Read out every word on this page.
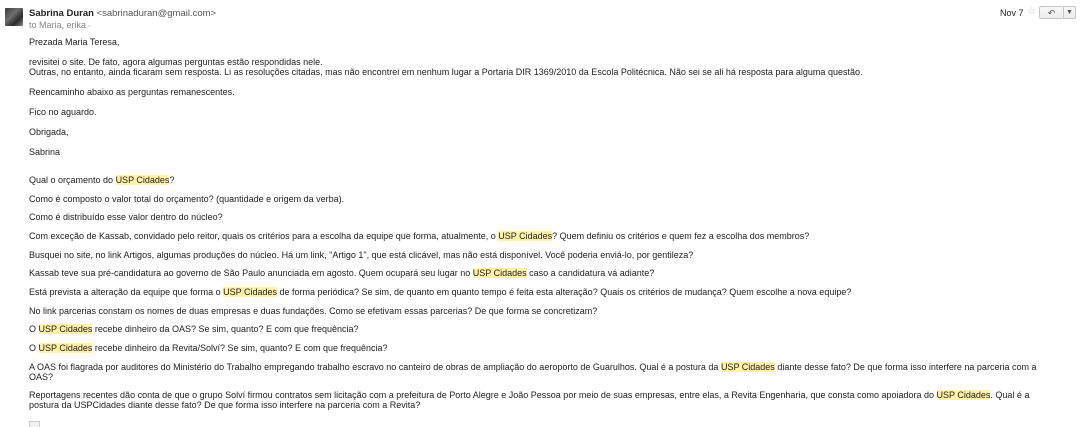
Sabrina Duran <sabrinaduran@gmail.com>
to Maria, erika ▫
Nov 7 ☆	↶	▼

Prezada Maria Teresa,

revisitei o site. De fato, agora algumas perguntas estão respondidas nele.

Outras, no entanto, ainda ficaram sem resposta. Li as resoluções citadas, mas não encontrei em nenhum lugar a Portaria DIR 1369/2010 da Escola Politécnica. Não sei se ali há resposta para alguma questão.

Reencaminho abaixo as perguntas remanescentes.

Fico no aguardo.

Obrigada,

Sabrina

Qual o orçamento do USP Cidades?

Como é composto o valor total do orçamento? (quantidade e origem da verba).

Como é distribuído esse valor dentro do núcleo?

Com exceção de Kassab, convidado pelo reitor, quais os critérios para a escolha da equipe que forma, atualmente, o USP Cidades? Quem definiu os critérios e quem fez a escolha dos membros?

Busquei no site, no link Artigos, algumas produções do núcleo. Há um link, "Artigo 1", que está clicável, mas não está disponível. Você poderia enviá-lo, por gentileza?

Kassab teve sua pré-candidatura ao governo de São Paulo anunciada em agosto. Quem ocupará seu lugar no USP Cidades caso a candidatura vá adiante?

Está prevista a alteração da equipe que forma o USP Cidades de forma periódica? Se sim, de quanto em quanto tempo é feita esta alteração? Quais os critérios de mudança? Quem escolhe a nova equipe?

No link parcerias constam os nomes de duas empresas e duas fundações. Como se efetivam essas parcerias? De que forma se concretizam?

O USP Cidades recebe dinheiro da OAS? Se sim, quanto? E com que frequência?

O USP Cidades recebe dinheiro da Revita/Solví? Se sim, quanto? E com que frequência?

A OAS foi flagrada por auditores do Ministério do Trabalho empregando trabalho escravo no canteiro de obras de ampliação do aeroporto de Guarulhos. Qual é a postura da USP Cidades diante desse fato? De que forma isso interfere na parceria com a

OAS?

Reportagens recentes dão conta de que o grupo Solví firmou contratos sem licitação com a prefeitura de Porto Alegre e João Pessoa por meio de suas empresas, entre elas, a Revita Engenharia, que consta como apoiadora do USP Cidades. Qual é a

postura da USPCidades diante desse fato? De que forma isso interfere na parceria com a Revita?
